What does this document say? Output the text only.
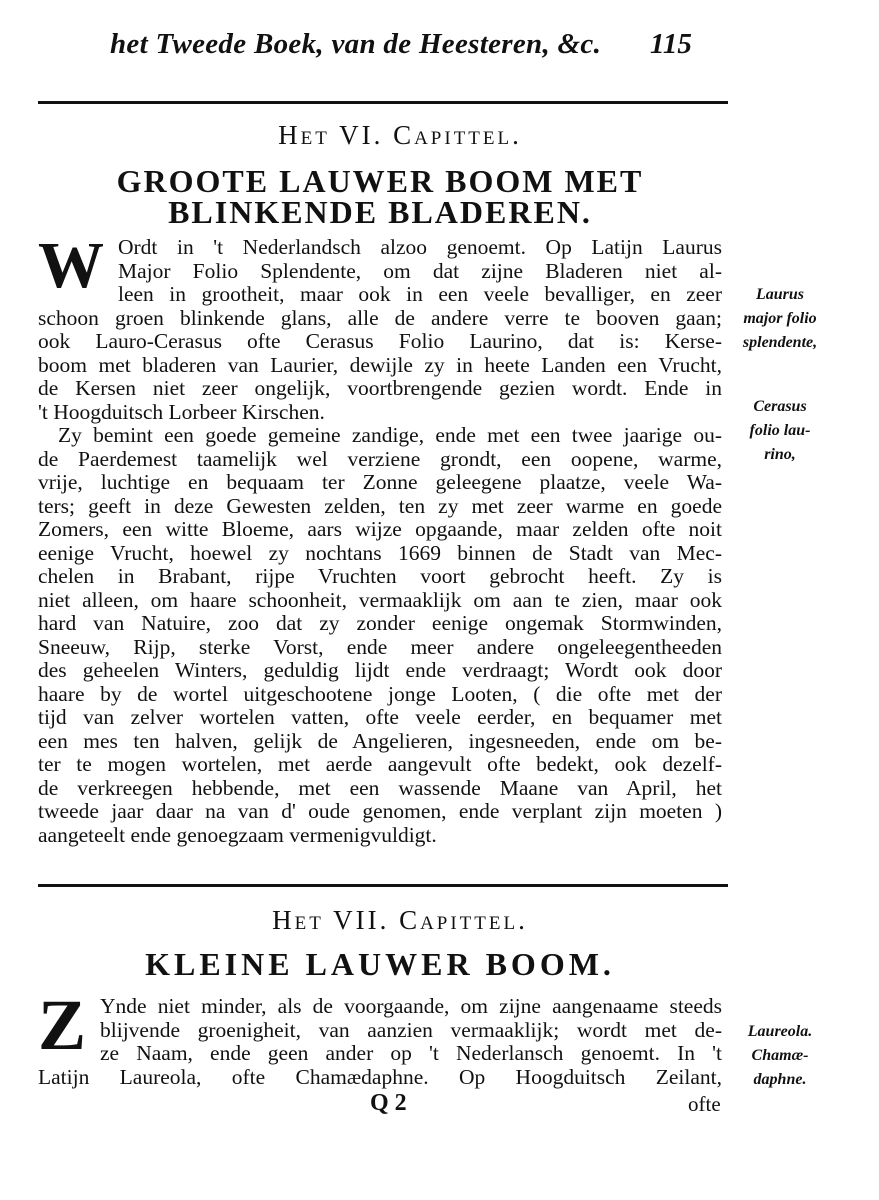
het Tweede Boek, van de Heesteren, &c. 115
Het VI. Capittel.
GROOTE LAUWER BOOM MET
BLINKENDE BLADEREN.
W Ordt in 't Nederlandsch alzoo genoemt. Op Latijn Laurus
Major Folio Splendente, om dat zijne Bladeren niet al-
leen in grootheit, maar ook in een veele bevalliger, en zeer
schoon groen blinkende glans, alle de andere verre te booven gaan;
ook Lauro-Cerasus ofte Cerasus Folio Laurino, dat is: Kerse-
boom met bladeren van Laurier, dewijle zy in heete Landen een Vrucht,
de Kersen niet zeer ongelijk, voortbrengende gezien wordt. Ende in
't Hoogduitsch Lorbeer Kirschen.
Zy bemint een goede gemeine zandige, ende met een twee jaarige ou-
de Paerdemest taamelijk wel verziene grondt, een oopene, warme,
vrije, luchtige en bequaam ter Zonne geleegene plaatze, veele Wa-
ters; geeft in deze Gewesten zelden, ten zy met zeer warme en goede
Zomers, een witte Bloeme, aars wijze opgaande, maar zelden ofte noit
eenige Vrucht, hoewel zy nochtans 1669 binnen de Stadt van Mec-
chelen in Brabant, rijpe Vruchten voort gebrocht heeft. Zy is
niet alleen, om haare schoonheit, vermaaklijk om aan te zien, maar ook
hard van Natuire, zoo dat zy zonder eenige ongemak Stormwinden,
Sneeuw, Rijp, sterke Vorst, ende meer andere ongeleegentheeden
des geheelen Winters, geduldig lijdt ende verdraagt; Wordt ook door
haare by de wortel uitgeschootene jonge Looten, ( die ofte met der
tijd van zelver wortelen vatten, ofte veele eerder, en bequamer met
een mes ten halven, gelijk de Angelieren, ingesneeden, ende om be-
ter te mogen wortelen, met aerde aangevult ofte bedekt, ook dezelf-
de verkreegen hebbende, met een wassende Maane van April, het
tweede jaar daar na van d' oude genomen, ende verplant zijn moeten )
aangeteelt ende genoegzaam vermenigvuldigt.
Laurus
major folio
splendente,
Cerasus
folio lau-
rino,
Het VII. Capittel.
KLEINE LAUWER BOOM.
Z Ynde niet minder, als de voorgaande, om zijne aangenaame steeds
blijvende groenigheit, van aanzien vermaaklijk; wordt met de-
ze Naam, ende geen ander op 't Nederlansch genoemt. In 't
Latijn Laureola, ofte Chamædaphne. Op Hoogduitsch Zeilant,
Laureola.
Chamæ-
daphne.
Q 2	ofte
